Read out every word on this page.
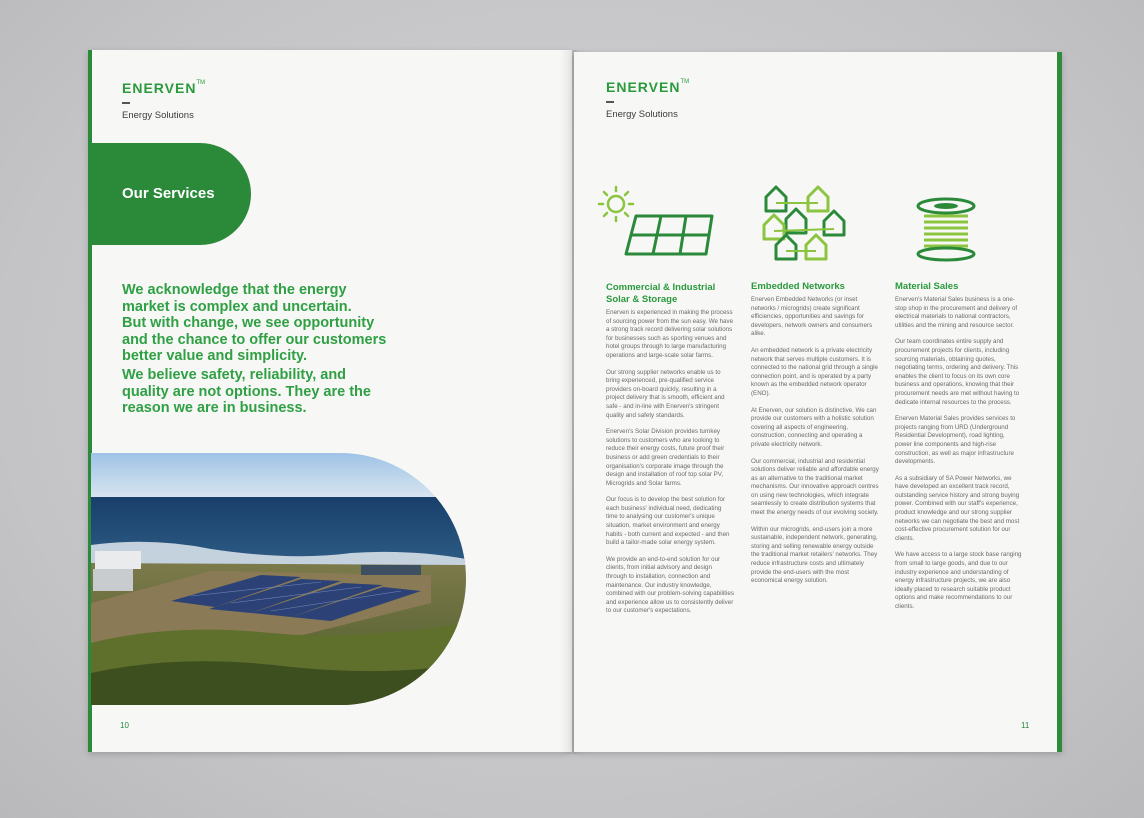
ENERVEN™
Energy Solutions
Our Services
We acknowledge that the energy
market is complex and uncertain.
But with change, we see opportunity
and the chance to offer our customers
better value and simplicity.
We believe safety, reliability, and
quality are not options. They are the
reason we are in business.
10
ENERVEN™
Energy Solutions
Commercial & Industrial
Solar & Storage

Enerven is experienced in making the process of sourcing power from the sun easy. We have a strong track record delivering solar solutions for businesses such as sporting venues and hotel groups through to large manufacturing operations and large-scale solar farms.

Our strong supplier networks enable us to bring experienced, pre-qualified service providers on-board quickly, resulting in a project delivery that is smooth, efficient and safe - and in-line with Enerven's stringent quality and safety standards.

Enerven's Solar Division provides turnkey solutions to customers who are looking to reduce their energy costs, future proof their business or add green credentials to their organisation's corporate image through the design and installation of roof top solar PV, Microgrids and Solar farms.

Our focus is to develop the best solution for each business' individual need, dedicating time to analysing our customer's unique situation, market environment and energy habits - both current and expected - and then build a tailor-made solar energy system.

We provide an end-to-end solution for our clients, from initial advisory and design through to installation, connection and maintenance. Our industry knowledge, combined with our problem-solving capabilities and experience allow us to consistently deliver to our customer's expectations.

Embedded Networks

Enerven Embedded Networks (or inset networks / microgrids) create significant efficiencies, opportunities and savings for developers, network owners and consumers alike.

An embedded network is a private electricity network that serves multiple customers. It is connected to the national grid through a single connection point, and is operated by a party known as the embedded network operator (ENO).

At Enerven, our solution is distinctive. We can provide our customers with a holistic solution covering all aspects of engineering, construction, connecting and operating a private electricity network.

Our commercial, industrial and residential solutions deliver reliable and affordable energy as an alternative to the traditional market mechanisms. Our innovative approach centres on using new technologies, which integrate seamlessly to create distribution systems that meet the energy needs of our evolving society.

Within our microgrids, end-users join a more sustainable, independent network, generating, storing and selling renewable energy outside the traditional market retailers' networks. They reduce infrastructure costs and ultimately provide the end-users with the most economical energy solution.

Material Sales

Enerven's Material Sales business is a one-stop shop in the procurement and delivery of electrical materials to national contractors, utilities and the mining and resource sector.

Our team coordinates entire supply and procurement projects for clients, including sourcing materials, obtaining quotes, negotiating terms, ordering and delivery. This enables the client to focus on its own core business and operations, knowing that their procurement needs are met without having to dedicate internal resources to the process.

Enerven Material Sales provides services to projects ranging from URD (Underground Residential Development), road lighting, power line components and high-rise construction, as well as major infrastructure developments.

As a subsidiary of SA Power Networks, we have developed an excellent track record, outstanding service history and strong buying power. Combined with our staff's experience, product knowledge and our strong supplier networks we can negotiate the best and most cost-effective procurement solution for our clients.

We have access to a large stock base ranging from small to large goods, and due to our industry experience and understanding of energy infrastructure projects, we are also ideally placed to research suitable product options and make recommendations to our clients.

11
